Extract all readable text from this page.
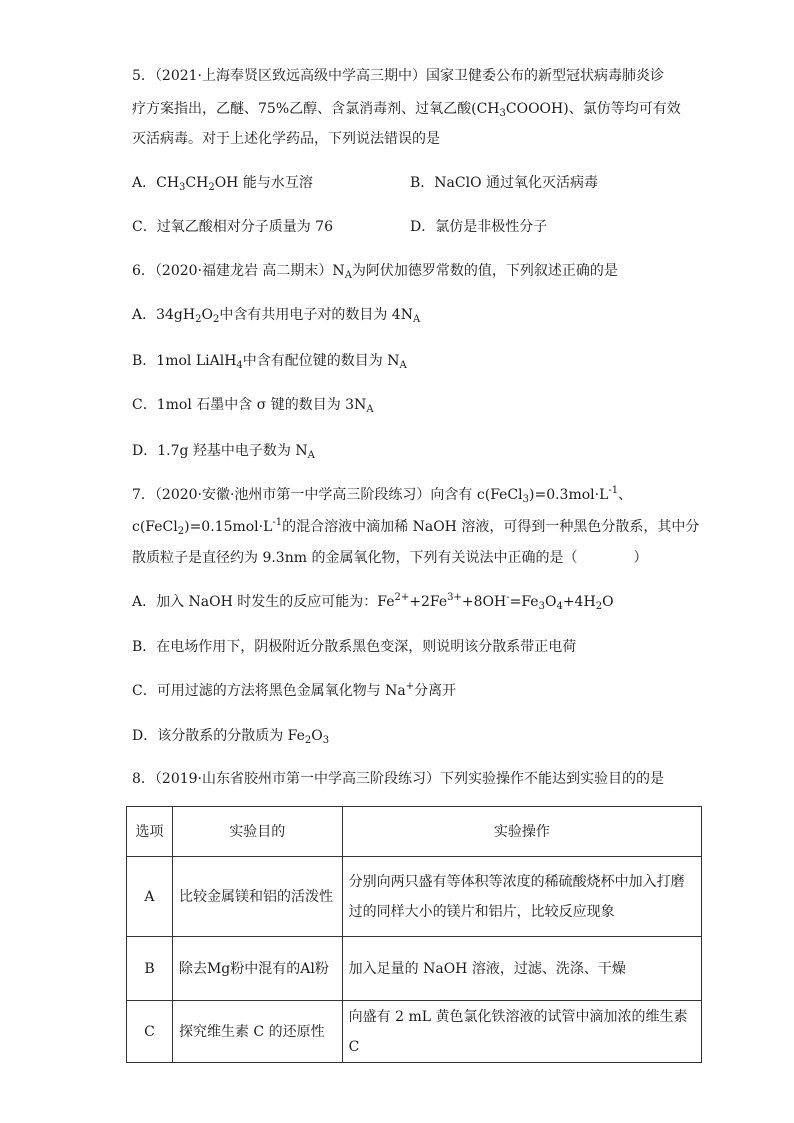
5．（2021·上海奉贤区致远高级中学高三期中）国家卫健委公布的新型冠状病毒肺炎诊
疗方案指出，乙醚、75%乙醇、含氯消毒剂、过氧乙酸$(CH_3COOOH)$、氯仿等均可有效
灭活病毒。对于上述化学药品，下列说法错误的是
A．$CH_3CH_2OH$ 能与水互溶	B．NaClO 通过氧化灭活病毒
C．过氧乙酸相对分子质量为 76	D．氯仿是非极性分子
6．（2020·福建龙岩 高二期末）$N_A$为阿伏加德罗常数的值，下列叙述正确的是
A．$34gH_2O_2$中含有共用电子对的数目为 $4N_A$
B．1mol LiAlH$_4$中含有配位键的数目为 $N_A$
C．1mol 石墨中含 σ 键的数目为 $3N_A$
D．1.7g 羟基中电子数为 $N_A$
7．（2020·安徽·池州市第一中学高三阶段练习）向含有 $c(FeCl_3)=0.3mol\cdot L^{-1}$、
$c(FeCl_2)=0.15mol\cdot L^{-1}$的混合溶液中滴加稀 NaOH 溶液，可得到一种黑色分散系，其中分
散质粒子是直径约为 9.3nm 的金属氧化物，下列有关说法中正确的是（　　　　）
A．加入 NaOH 时发生的反应可能为：$Fe^{2+}+2Fe^{3+}+8OH^-=Fe_3O_4+4H_2O$
B．在电场作用下，阴极附近分散系黑色变深，则说明该分散系带正电荷
C．可用过滤的方法将黑色金属氧化物与 Na+分离开
D．该分散系的分散质为 $Fe_2O_3$
8．（2019·山东省胶州市第一中学高三阶段练习）下列实验操作不能达到实验目的的是
选项	实验目的	实验操作
A	比较金属镁和铝的活泼性	分别向两只盛有等体积等浓度的稀硫酸烧杯中加入打磨
过的同样大小的镁片和铝片，比较反应现象

B	除去Mg粉中混有的Al粉	加入足量的 NaOH 溶液，过滤、洗涤、干燥
C	探究维生素 C 的还原性	向盛有 2 mL 黄色氯化铁溶液的试管中滴加浓的维生素 C
